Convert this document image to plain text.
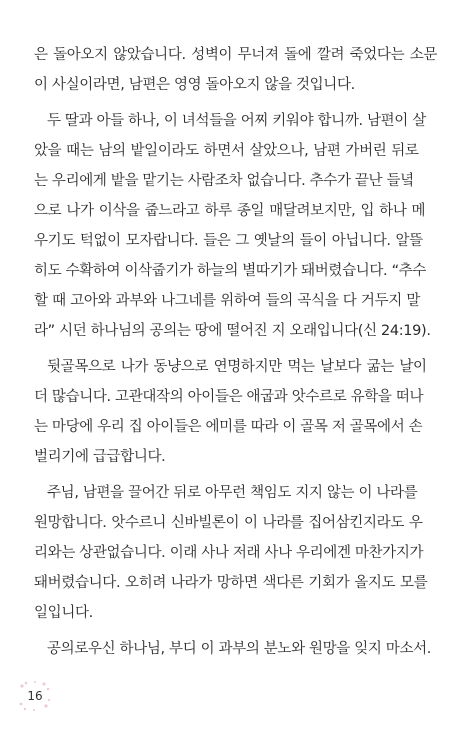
은 돌아오지 않았습니다. 성벽이 무너져 돌에 깔려 죽었다는 소문
이 사실이라면, 남편은 영영 돌아오지 않을 것입니다.
두 딸과 아들 하나, 이 녀석들을 어찌 키워야 합니까. 남편이 살
았을 때는 남의 밭일이라도 하면서 살았으나, 남편 가버린 뒤로
는 우리에게 밭을 맡기는 사람조차 없습니다. 추수가 끝난 들녘
으로 나가 이삭을 줍느라고 하루 종일 매달려보지만, 입 하나 메
우기도 턱없이 모자랍니다. 들은 그 옛날의 들이 아닙니다. 알뜰
히도 수확하여 이삭줍기가 하늘의 별따기가 돼버렸습니다. “추수
할 때 고아와 과부와 나그네를 위하여 들의 곡식을 다 거두지 말
라” 시던 하나님의 공의는 땅에 떨어진 지 오래입니다(신 24:19).
뒷골목으로 나가 동냥으로 연명하지만 먹는 날보다 굶는 날이
더 많습니다. 고관대작의 아이들은 애굽과 앗수르로 유학을 떠나
는 마당에 우리 집 아이들은 에미를 따라 이 골목 저 골목에서 손
벌리기에 급급합니다.
주님, 남편을 끌어간 뒤로 아무런 책임도 지지 않는 이 나라를
원망합니다. 앗수르니 신바빌론이 이 나라를 집어삼킨지라도 우
리와는 상관없습니다. 이래 사나 저래 사나 우리에겐 마찬가지가
돼버렸습니다. 오히려 나라가 망하면 색다른 기회가 올지도 모를
일입니다.
공의로우신 하나님, 부디 이 과부의 분노와 원망을 잊지 마소서.
16
